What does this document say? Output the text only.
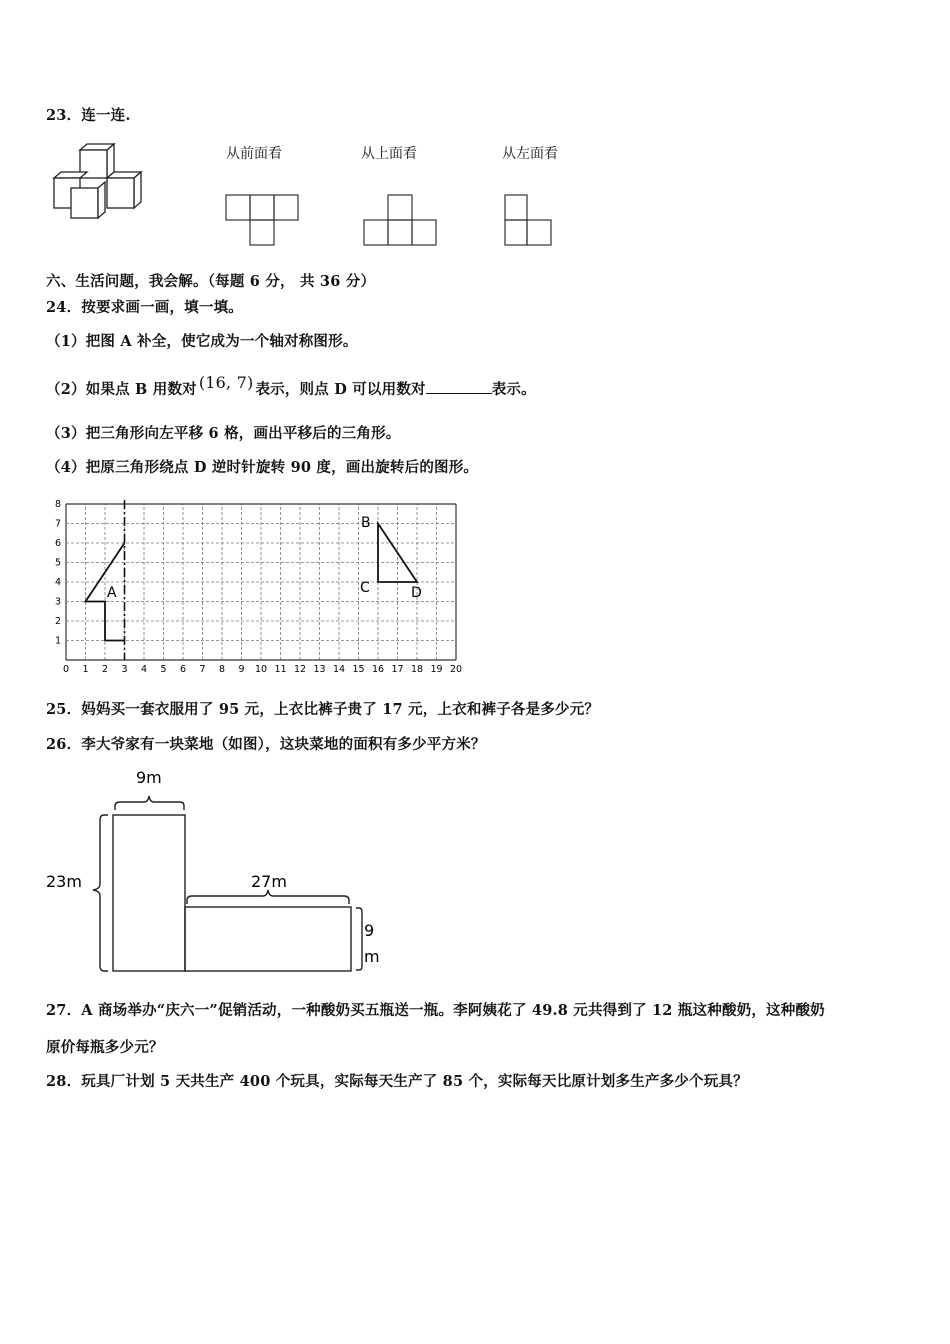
23．连一连.
从前面看	从上面看	从左面看
六、生活问题，我会解。（每题 6 分， 共 36 分）
24．按要求画一画，填一填。
（1）把图 A 补全，使它成为一个轴对称图形。
（2）如果点 B 用数对 (16, 7) 表示，则点 D 可以用数对	表示。
（3）把三角形向左平移 6 格，画出平移后的三角形。
（4）把原三角形绕点 D 逆时针旋转 90 度，画出旋转后的图形。
0 1 2 3 4 5 6 7 8 9 10 11 12 13 14 15 16 17 18 19 20
1
2
3
4
5
6
7
8
A
B
C	D
25．妈妈买一套衣服用了 95 元，上衣比裤子贵了 17 元，上衣和裤子各是多少元？
26．李大爷家有一块菜地（如图），这块菜地的面积有多少平方米？
9m
23m	27m
9
m
27．A 商场举办“庆六一”促销活动，一种酸奶买五瓶送一瓶。李阿姨花了 49.8 元共得到了 12 瓶这种酸奶，这种酸奶
原价每瓶多少元？
28．玩具厂计划 5 天共生产 400 个玩具，实际每天生产了 85 个，实际每天比原计划多生产多少个玩具？
